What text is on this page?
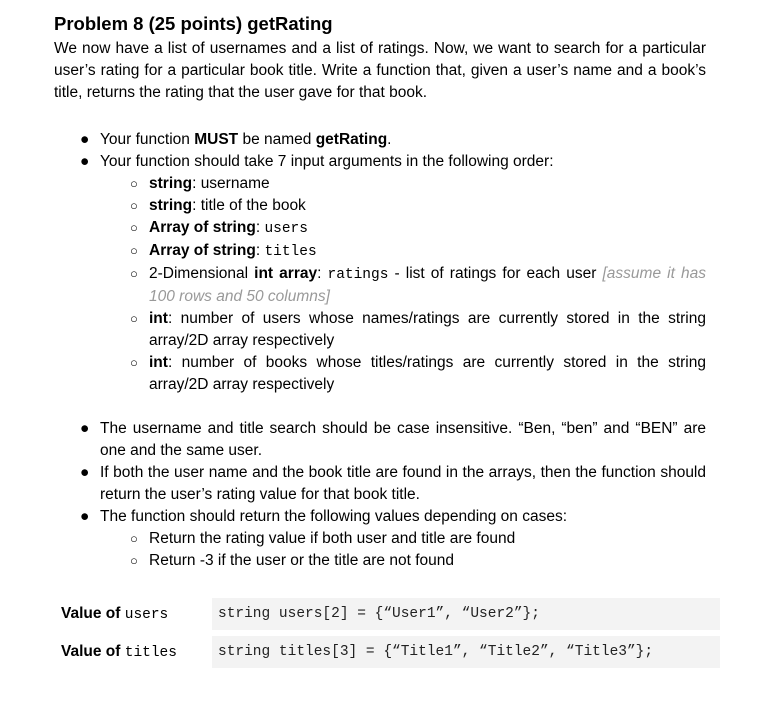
Problem 8 (25 points) getRating

We now have a list of usernames and a list of ratings. Now, we want to search for a particular user’s rating for a particular book title. Write a function that, given a user’s name and a book’s title, returns the rating that the user gave for that book.

● Your function MUST be named getRating.
● Your function should take 7 input arguments in the following order:
○ string: username
○ string: title of the book
○ Array of string: users
○ Array of string: titles
○ 2-Dimensional int array: ratings - list of ratings for each user [assume it has 100 rows and 50 columns]
○ int: number of users whose names/ratings are currently stored in the string array/2D array respectively
○ int: number of books whose titles/ratings are currently stored in the string array/2D array respectively
● The username and title search should be case insensitive. “Ben, “ben” and “BEN” are one and the same user.
● If both the user name and the book title are found in the arrays, then the function should return the user’s rating value for that book title.
● The function should return the following values depending on cases:
○ Return the rating value if both user and title are found
○ Return -3 if the user or the title are not found
Value of users	string users[2] = {“User1”, “User2”};
Value of titles	string titles[3] = {“Title1”, “Title2”, “Title3”};
